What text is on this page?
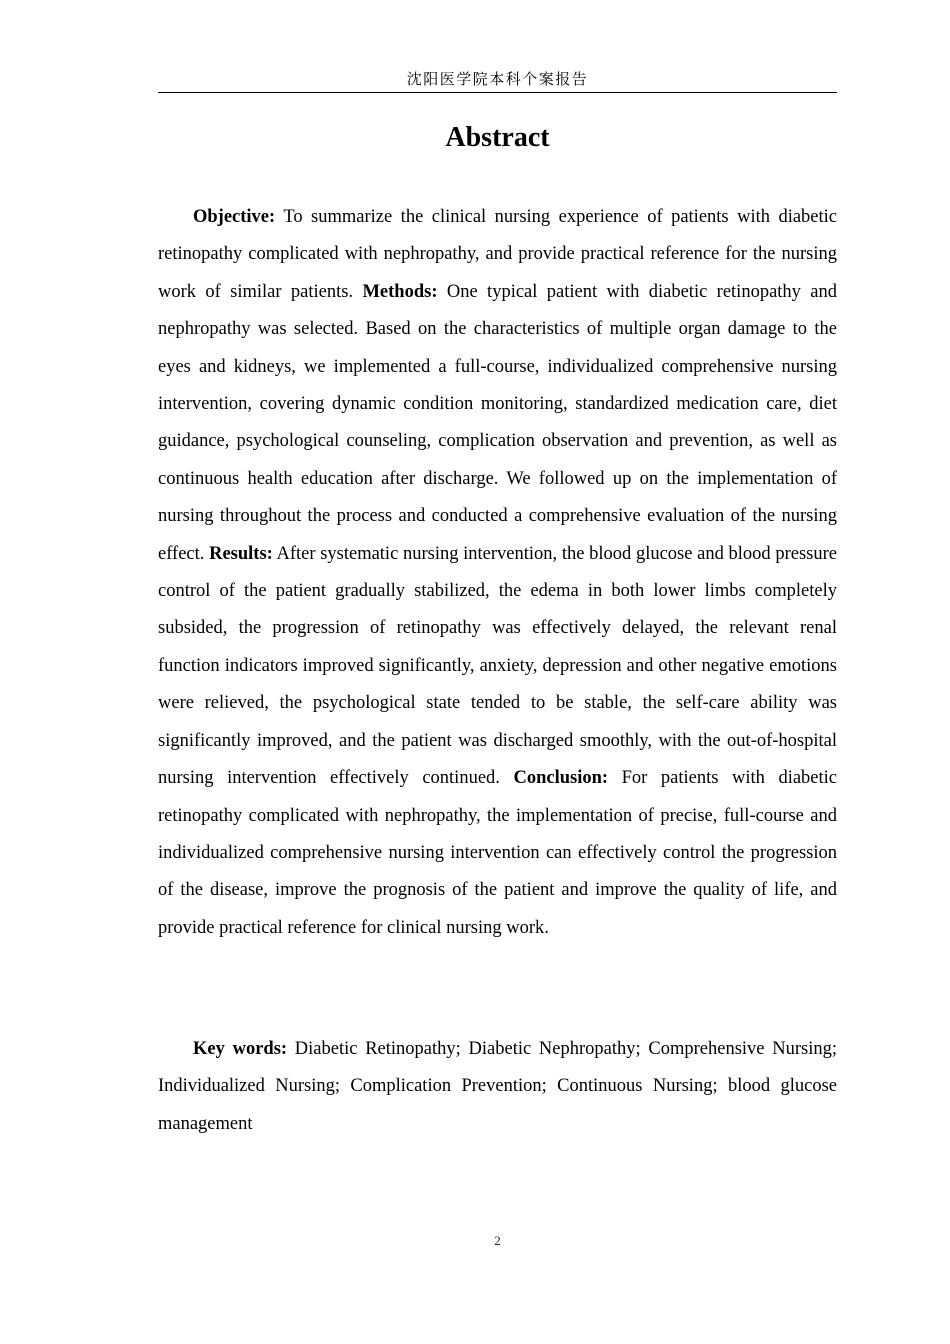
沈阳医学院本科个案报告
Abstract

Objective: To summarize the clinical nursing experience of patients with diabetic retinopathy complicated with nephropathy, and provide practical reference for the nursing work of similar patients. Methods: One typical patient with diabetic retinopathy and nephropathy was selected. Based on the characteristics of multiple organ damage to the eyes and kidneys, we implemented a full-course, individualized comprehensive nursing intervention, covering dynamic condition monitoring, standardized medication care, diet guidance, psychological counseling, complication observation and prevention, as well as continuous health education after discharge. We followed up on the implementation of nursing throughout the process and conducted a comprehensive evaluation of the nursing effect. Results: After systematic nursing intervention, the blood glucose and blood pressure control of the patient gradually stabilized, the edema in both lower limbs completely subsided, the progression of retinopathy was effectively delayed, the relevant renal function indicators improved significantly, anxiety, depression and other negative emotions were relieved, the psychological state tended to be stable, the self-care ability was significantly improved, and the patient was discharged smoothly, with the out-of-hospital nursing intervention effectively continued. Conclusion: For patients with diabetic retinopathy complicated with nephropathy, the implementation of precise, full-course and individualized comprehensive nursing intervention can effectively control the progression of the disease, improve the prognosis of the patient and improve the quality of life, and provide practical reference for clinical nursing work.

Key words: Diabetic Retinopathy; Diabetic Nephropathy; Comprehensive Nursing; Individualized Nursing; Complication Prevention; Continuous Nursing; blood glucose management

2
